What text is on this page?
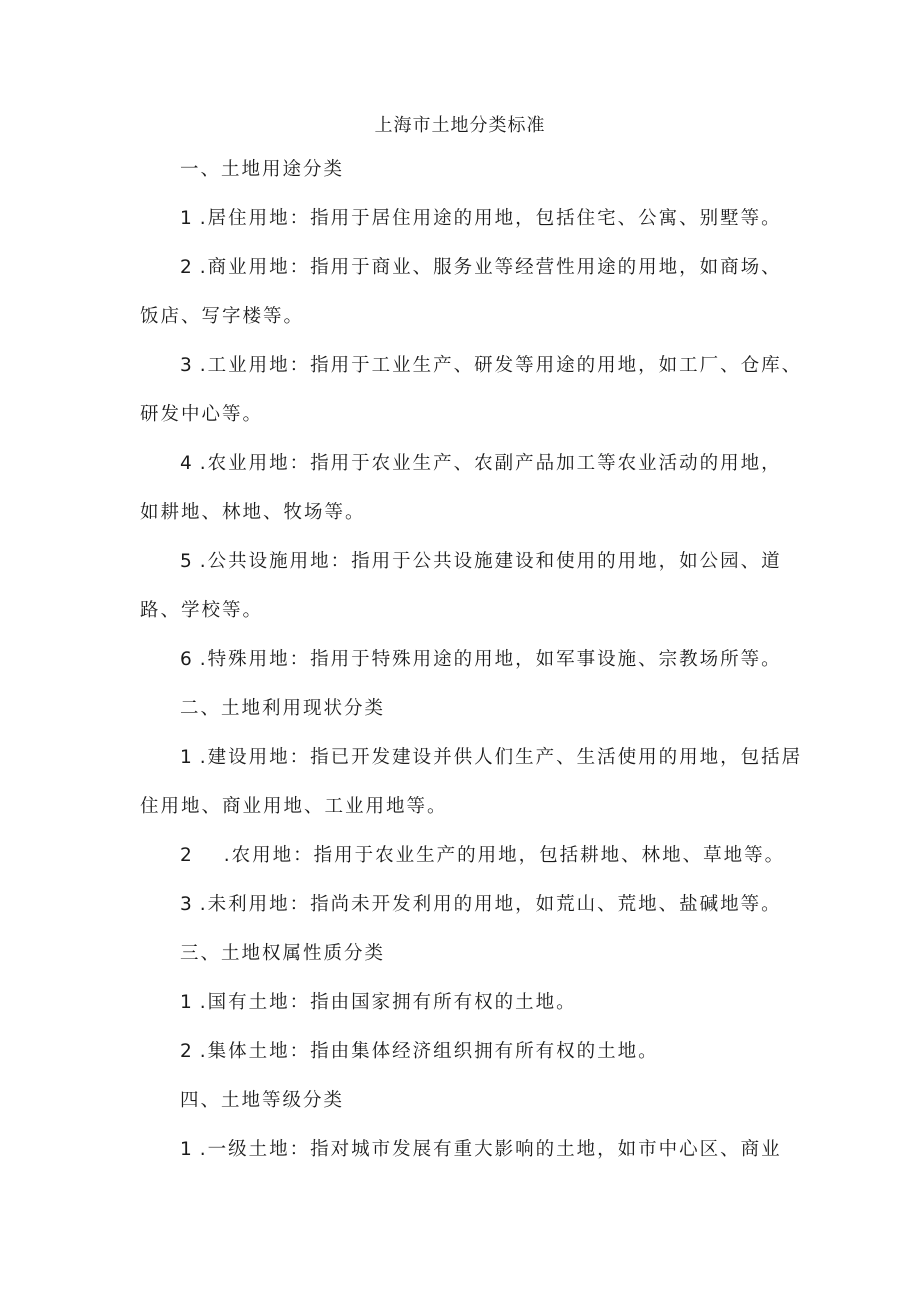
上海市土地分类标准
一、土地用途分类
1 .居住用地：指用于居住用途的用地，包括住宅、公寓、别墅等。
2 .商业用地：指用于商业、服务业等经营性用途的用地，如商场、
饭店、写字楼等。
3 .工业用地：指用于工业生产、研发等用途的用地，如工厂、仓库、
研发中心等。
4 .农业用地：指用于农业生产、农副产品加工等农业活动的用地，
如耕地、林地、牧场等。
5 .公共设施用地：指用于公共设施建设和使用的用地，如公园、道
路、学校等。
6 .特殊用地：指用于特殊用途的用地，如军事设施、宗教场所等。
二、土地利用现状分类
1 .建设用地：指已开发建设并供人们生产、生活使用的用地，包括居
住用地、商业用地、工业用地等。
2 .农用地：指用于农业生产的用地，包括耕地、林地、草地等。
3 .未利用地：指尚未开发利用的用地，如荒山、荒地、盐碱地等。
三、土地权属性质分类
1 .国有土地：指由国家拥有所有权的土地。
2 .集体土地：指由集体经济组织拥有所有权的土地。
四、土地等级分类
1 .一级土地：指对城市发展有重大影响的土地，如市中心区、商业
